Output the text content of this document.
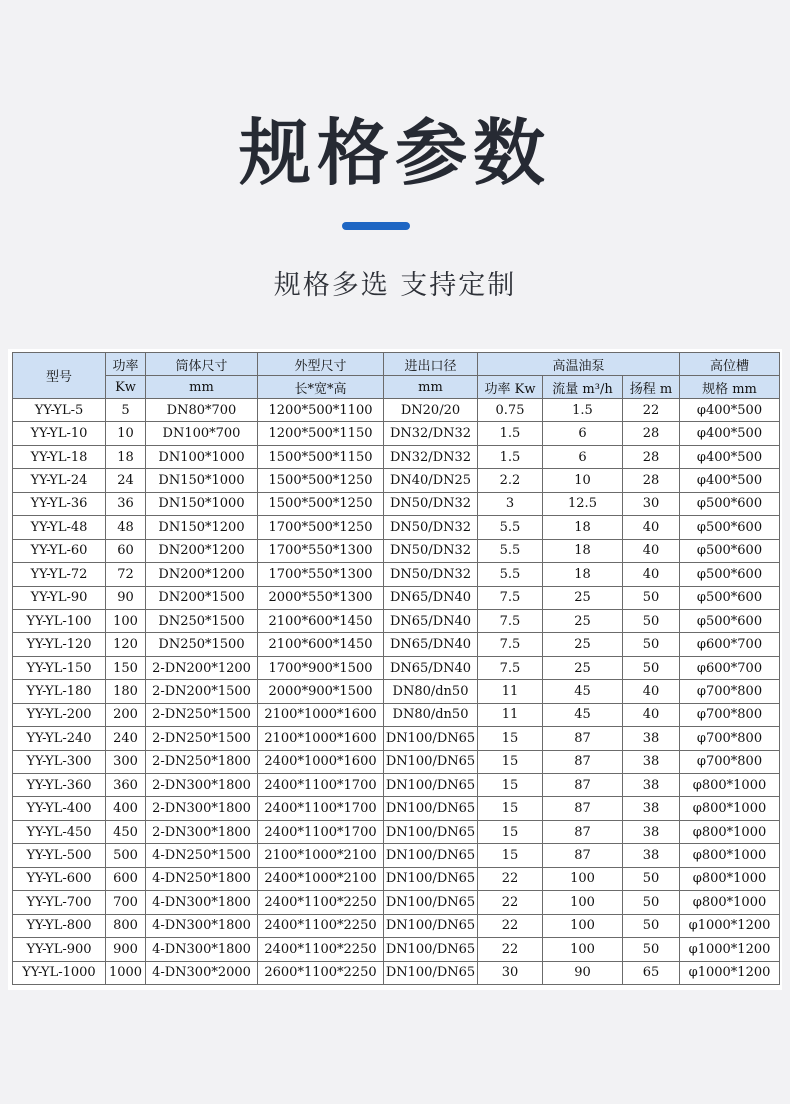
规格参数
规格多选 支持定制
型号	功率	筒体尺寸	外型尺寸	进出口径	高温油泵			高位槽
	Kw	mm	长*宽*高	mm	功率 Kw	流量 m³/h	扬程 m	规格 mm
YY-YL-5	5	DN80*700	1200*500*1100	DN20/20	0.75	1.5	22	φ400*500
YY-YL-10	10	DN100*700	1200*500*1150	DN32/DN32	1.5	6	28	φ400*500
YY-YL-18	18	DN100*1000	1500*500*1150	DN32/DN32	1.5	6	28	φ400*500
YY-YL-24	24	DN150*1000	1500*500*1250	DN40/DN25	2.2	10	28	φ400*500
YY-YL-36	36	DN150*1000	1500*500*1250	DN50/DN32	3	12.5	30	φ500*600
YY-YL-48	48	DN150*1200	1700*500*1250	DN50/DN32	5.5	18	40	φ500*600
YY-YL-60	60	DN200*1200	1700*550*1300	DN50/DN32	5.5	18	40	φ500*600
YY-YL-72	72	DN200*1200	1700*550*1300	DN50/DN32	5.5	18	40	φ500*600
YY-YL-90	90	DN200*1500	2000*550*1300	DN65/DN40	7.5	25	50	φ500*600
YY-YL-100	100	DN250*1500	2100*600*1450	DN65/DN40	7.5	25	50	φ500*600
YY-YL-120	120	DN250*1500	2100*600*1450	DN65/DN40	7.5	25	50	φ600*700
YY-YL-150	150	2-DN200*1200	1700*900*1500	DN65/DN40	7.5	25	50	φ600*700
YY-YL-180	180	2-DN200*1500	2000*900*1500	DN80/dn50	11	45	40	φ700*800
YY-YL-200	200	2-DN250*1500	2100*1000*1600	DN80/dn50	11	45	40	φ700*800
YY-YL-240	240	2-DN250*1500	2100*1000*1600	DN100/DN65	15	87	38	φ700*800
YY-YL-300	300	2-DN250*1800	2400*1000*1600	DN100/DN65	15	87	38	φ700*800
YY-YL-360	360	2-DN300*1800	2400*1100*1700	DN100/DN65	15	87	38	φ800*1000
YY-YL-400	400	2-DN300*1800	2400*1100*1700	DN100/DN65	15	87	38	φ800*1000
YY-YL-450	450	2-DN300*1800	2400*1100*1700	DN100/DN65	15	87	38	φ800*1000
YY-YL-500	500	4-DN250*1500	2100*1000*2100	DN100/DN65	15	87	38	φ800*1000
YY-YL-600	600	4-DN250*1800	2400*1000*2100	DN100/DN65	22	100	50	φ800*1000
YY-YL-700	700	4-DN300*1800	2400*1100*2250	DN100/DN65	22	100	50	φ800*1000
YY-YL-800	800	4-DN300*1800	2400*1100*2250	DN100/DN65	22	100	50	φ1000*1200
YY-YL-900	900	4-DN300*1800	2400*1100*2250	DN100/DN65	22	100	50	φ1000*1200
YY-YL-1000	1000	4-DN300*2000	2600*1100*2250	DN100/DN65	30	90	65	φ1000*1200
